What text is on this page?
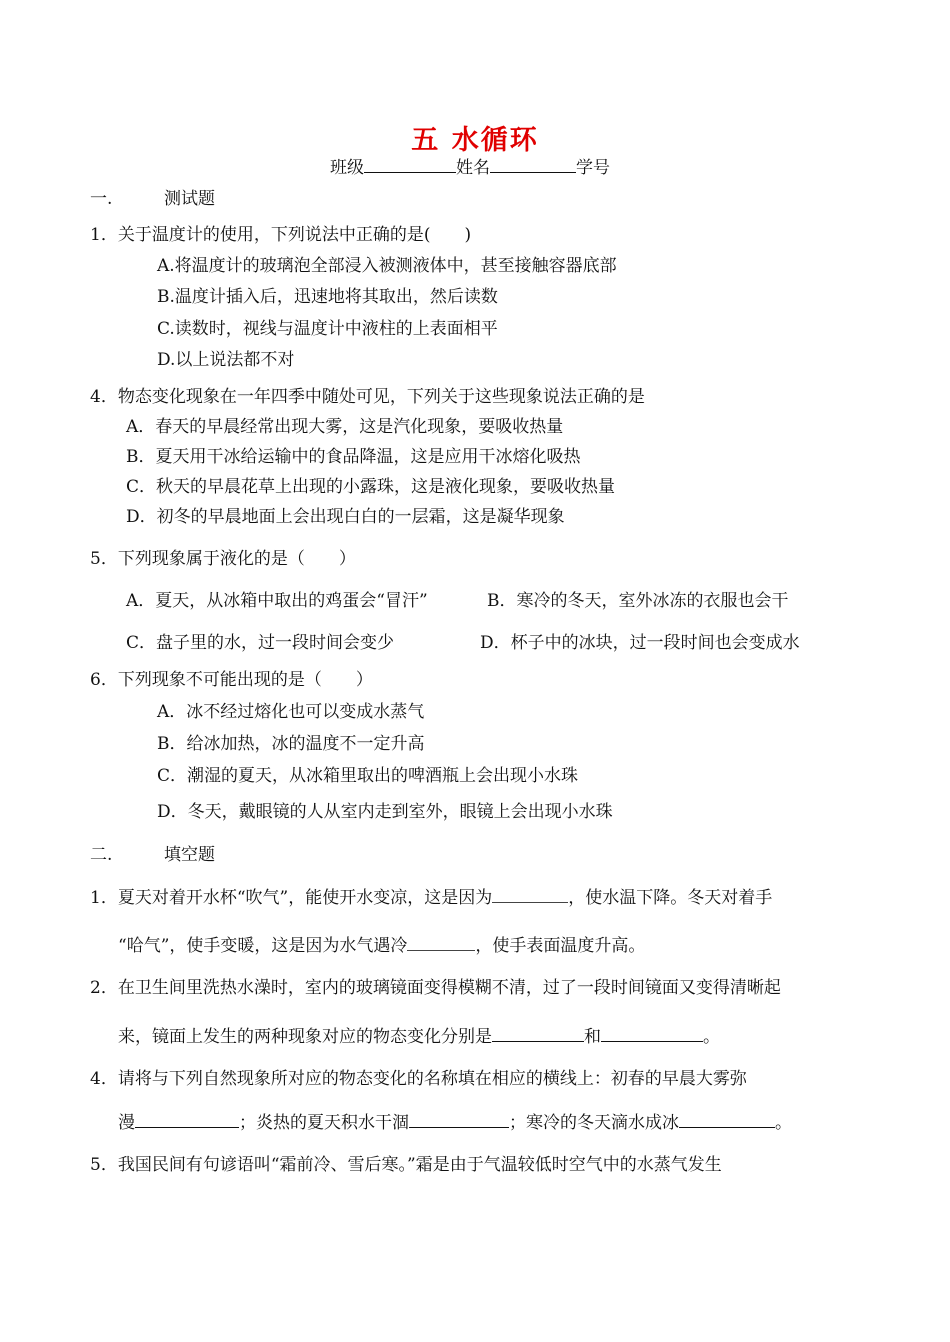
五 水循环
班级	姓名	学号
一.	测试题
1．关于温度计的使用，下列说法中正确的是(　　)
A.将温度计的玻璃泡全部浸入被测液体中，甚至接触容器底部
B.温度计插入后，迅速地将其取出，然后读数
C.读数时，视线与温度计中液柱的上表面相平
D.以上说法都不对
4．物态变化现象在一年四季中随处可见，下列关于这些现象说法正确的是
A．春天的早晨经常出现大雾，这是汽化现象，要吸收热量
B．夏天用干冰给运输中的食品降温，这是应用干冰熔化吸热
C．秋天的早晨花草上出现的小露珠，这是液化现象，要吸收热量
D．初冬的早晨地面上会出现白白的一层霜，这是凝华现象
5．下列现象属于液化的是（　　）
A．夏天，从冰箱中取出的鸡蛋会“冒汗”	B．寒冷的冬天，室外冰冻的衣服也会干
C．盘子里的水，过一段时间会变少	D．杯子中的冰块，过一段时间也会变成水
6．下列现象不可能出现的是（　　）
A．冰不经过熔化也可以变成水蒸气
B．给冰加热，冰的温度不一定升高
C．潮湿的夏天，从冰箱里取出的啤酒瓶上会出现小水珠
D．冬天，戴眼镜的人从室内走到室外，眼镜上会出现小水珠
二.	填空题
1．夏天对着开水杯“吹气”，能使开水变凉，这是因为	，使水温下降。冬天对着手
“哈气”，使手变暖，这是因为水气遇冷	，使手表面温度升高。
2．在卫生间里洗热水澡时，室内的玻璃镜面变得模糊不清，过了一段时间镜面又变得清晰起
来，镜面上发生的两种现象对应的物态变化分别是	和	。
4．请将与下列自然现象所对应的物态变化的名称填在相应的横线上：初春的早晨大雾弥
漫	；炎热的夏天积水干涸	；寒冷的冬天滴水成冰	。
5．我国民间有句谚语叫“霜前冷、雪后寒。”霜是由于气温较低时空气中的水蒸气发生
